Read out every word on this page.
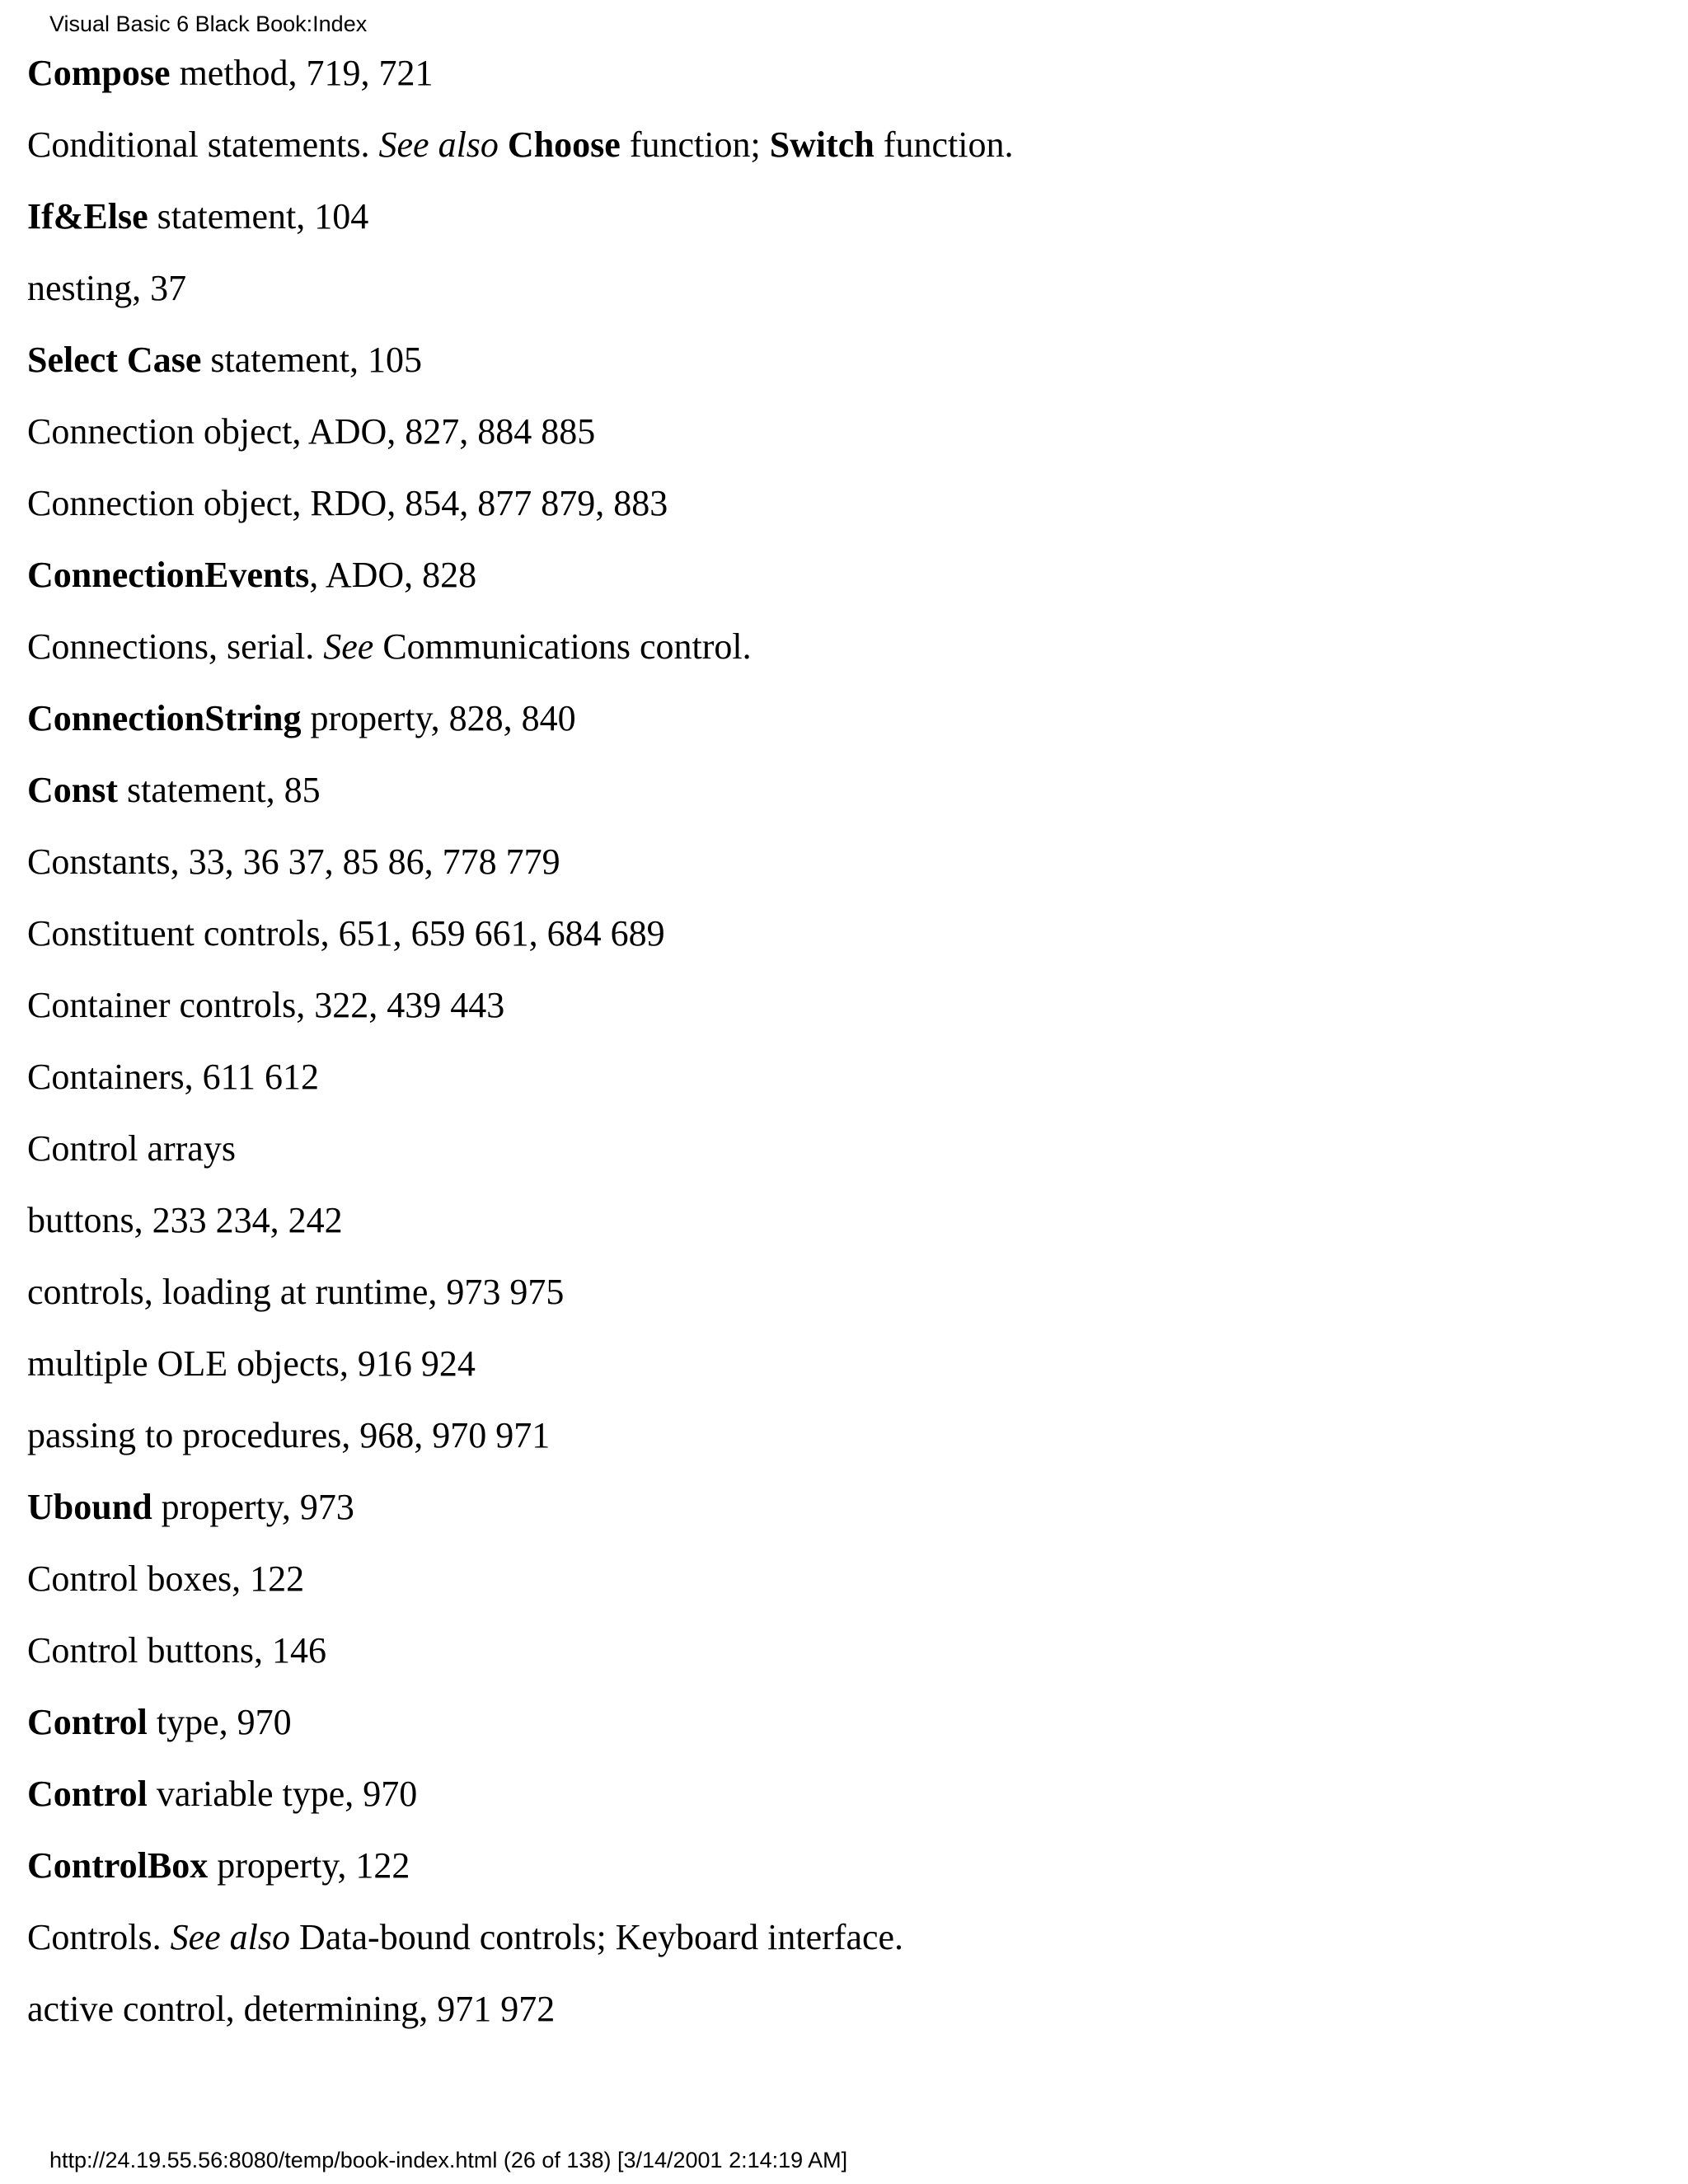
Visual Basic 6 Black Book:Index
Compose method, 719, 721
Conditional statements. See also Choose function; Switch function.
If&Else statement, 104
nesting, 37
Select Case statement, 105
Connection object, ADO, 827, 884 885
Connection object, RDO, 854, 877 879, 883
ConnectionEvents, ADO, 828
Connections, serial. See Communications control.
ConnectionString property, 828, 840
Const statement, 85
Constants, 33, 36 37, 85 86, 778 779
Constituent controls, 651, 659 661, 684 689
Container controls, 322, 439 443
Containers, 611 612
Control arrays
buttons, 233 234, 242
controls, loading at runtime, 973 975
multiple OLE objects, 916 924
passing to procedures, 968, 970 971
Ubound property, 973
Control boxes, 122
Control buttons, 146
Control type, 970
Control variable type, 970
ControlBox property, 122
Controls. See also Data-bound controls; Keyboard interface.
active control, determining, 971 972
http://24.19.55.56:8080/temp/book-index.html (26 of 138) [3/14/2001 2:14:19 AM]
